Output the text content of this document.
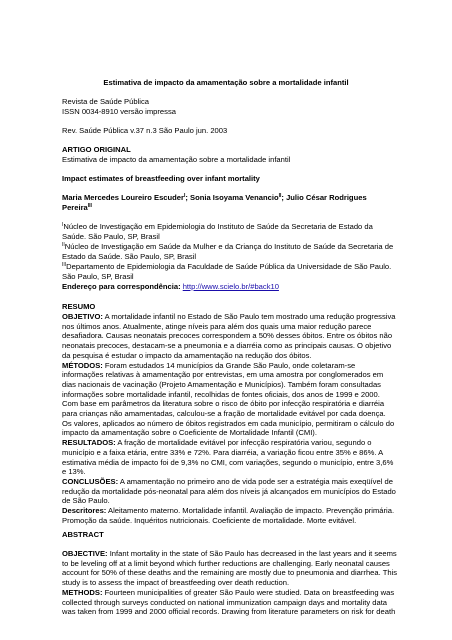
Estimativa de impacto da amamentação sobre a mortalidade infantil

Revista de Saúde Pública

ISSN 0034-8910 versão impressa

Rev. Saúde Pública v.37 n.3 São Paulo jun. 2003

ARTIGO ORIGINAL

Estimativa de impacto da amamentação sobre a mortalidade infantil

Impact estimates of breastfeeding over infant mortality

Maria Mercedes Loureiro Escuder$^I$; Sonia Isoyama Venancio$^{II}$; Julio César Rodrigues

Pereira$^{III}$

$^I$Núcleo de Investigação em Epidemiologia do Instituto de Saúde da Secretaria de Estado da

Saúde. São Paulo, SP, Brasil

$^{II}$Núcleo de Investigação em Saúde da Mulher e da Criança do Instituto de Saúde da Secretaria de

Estado da Saúde. São Paulo, SP, Brasil

$^{III}$Departamento de Epidemiologia da Faculdade de Saúde Pública da Universidade de São Paulo.

São Paulo, SP, Brasil

Endereço para correspondência: http://www.scielo.br/#back10

RESUMO

OBJETIVO: A mortalidade infantil no Estado de São Paulo tem mostrado uma redução progressiva

nos últimos anos. Atualmente, atinge níveis para além dos quais uma maior redução parece

desafiadora. Causas neonatais precoces correspondem a 50% desses óbitos. Entre os óbitos não

neonatais precoces, destacam-se a pneumonia e a diarréia como as principais causas. O objetivo

da pesquisa é estudar o impacto da amamentação na redução dos óbitos.

MÉTODOS: Foram estudados 14 municípios da Grande São Paulo, onde coletaram-se

informações relativas à amamentação por entrevistas, em uma amostra por conglomerados em

dias nacionais de vacinação (Projeto Amamentação e Municípios). Também foram consultadas

informações sobre mortalidade infantil, recolhidas de fontes oficiais, dos anos de 1999 e 2000.

Com base em parâmetros da literatura sobre o risco de óbito por infecção respiratória e diarréia

para crianças não amamentadas, calculou-se a fração de mortalidade evitável por cada doença.

Os valores, aplicados ao número de óbitos registrados em cada município, permitiram o cálculo do

impacto da amamentação sobre o Coeficiente de Mortalidade Infantil (CMI).

RESULTADOS: A fração de mortalidade evitável por infecção respiratória variou, segundo o

município e a faixa etária, entre 33% e 72%. Para diarréia, a variação ficou entre 35% e 86%. A

estimativa média de impacto foi de 9,3% no CMI, com variações, segundo o município, entre 3,6%

e 13%.

CONCLUSÕES: A amamentação no primeiro ano de vida pode ser a estratégia mais exeqüível de

redução da mortalidade pós-neonatal para além dos níveis já alcançados em municípios do Estado

de São Paulo.

Descritores: Aleitamento materno. Mortalidade infantil. Avaliação de impacto. Prevenção primária.

Promoção da saúde. Inquéritos nutricionais. Coeficiente de mortalidade. Morte evitável.

ABSTRACT

OBJECTIVE: Infant mortality in the state of São Paulo has decreased in the last years and it seems

to be leveling off at a limit beyond which further reductions are challenging. Early neonatal causes

account for 50% of these deaths and the remaining are mostly due to pneumonia and diarrhea. This

study is to assess the impact of breastfeeding over death reduction.

METHODS: Fourteen municipalities of greater São Paulo were studied. Data on breastfeeding was

collected through surveys conducted on national immunization campaign days and mortality data

was taken from 1999 and 2000 official records. Drawing from literature parameters on risk for death
